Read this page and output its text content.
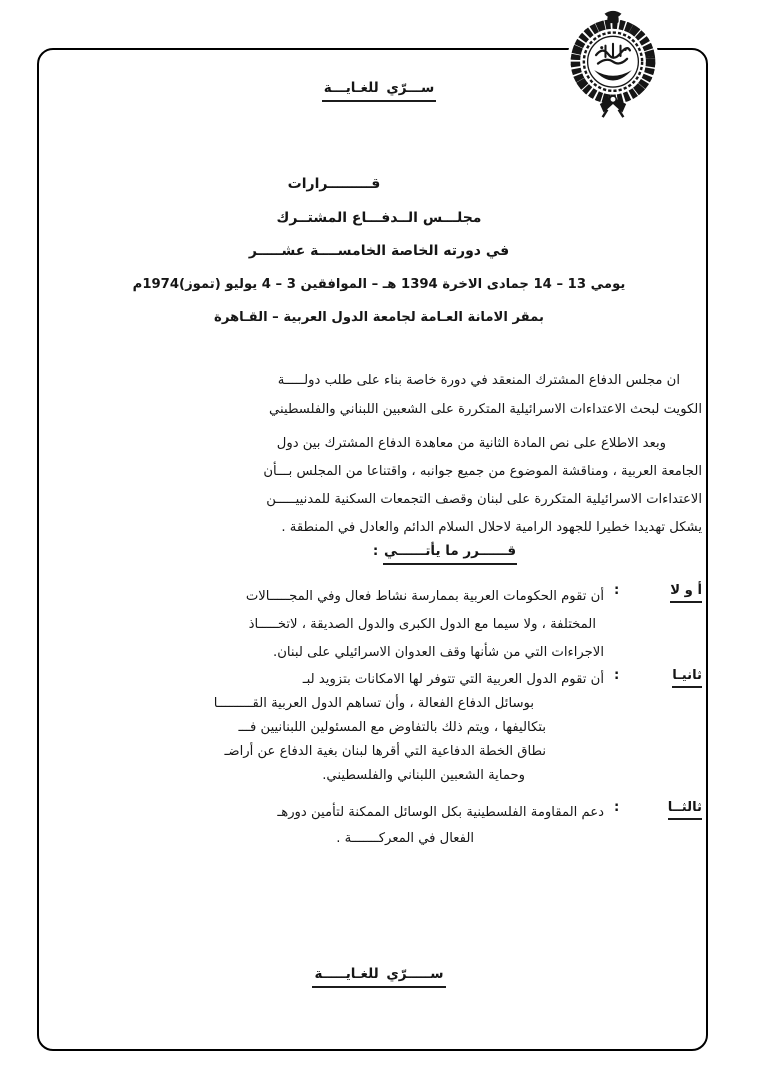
ســـرّي للغـايـــة
قـــــــــرارات
مجلـــس الــدفـــاع المشتــرك
في دورته الخاصة الخامســــة عشـــــر
يومي 13 – 14 جمادى الاخرة 1394 هـ – الموافقين 3 – 4 يوليو (تموز)1974م
بمقر الامانة العـامة لجامعة الدول العربية – القـاهرة
ان مجلس الدفاع المشترك المنعقد في دورة خاصة بناء على طلب دولـــــة
الكويت لبحث الاعتداءات الاسرائيلية المتكررة على الشعبين اللبناني والفلسطيني
وبعد الاطلاع على نص المادة الثانية من معاهدة الدفاع المشترك بين دول
الجامعة العربية ، ومناقشة الموضوع من جميع جوانبه ، واقتناعا من المجلس بـــأن
الاعتداءات الاسرائيلية المتكررة على لبنان وقصف التجمعات السكنية للمدنييـــــن
يشكل تهديدا خطيرا للجهود الرامية لاحلال السلام الدائم والعادل في المنطقة .
قــــــرر ما يأتــــــي :
أ و لا
:
أن تقوم الحكومات العربية بممارسة نشاط فعال وفي المجـــــالات
المختلفة ، ولا سيما مع الدول الكبرى والدول الصديقة ، لاتخـــــاذ
الاجراءات التي من شأنها وقف العدوان الاسرائيلي على لبنان.
ثانيـا
:
أن تقوم الدول العربية التي تتوفر لها الامكانات بتزويد لبـ
بوسائل الدفاع الفعالة ، وأن تساهم الدول العربية القـــــــــا
بتكاليفها ، ويتم ذلك بالتفاوض مع المسئولين اللبنانيين فـــ
نطاق الخطة الدفاعية التي أقرها لبنان بغية الدفاع عن أراضـ
وحماية الشعبين اللبناني والفلسطيني.
ثالثــا
:
دعم المقاومة الفلسطينية بكل الوسائل الممكنة لتأمين دورهـ
الفعال في المعركـــــــة .
ســـــرّي للغـايـــــة
